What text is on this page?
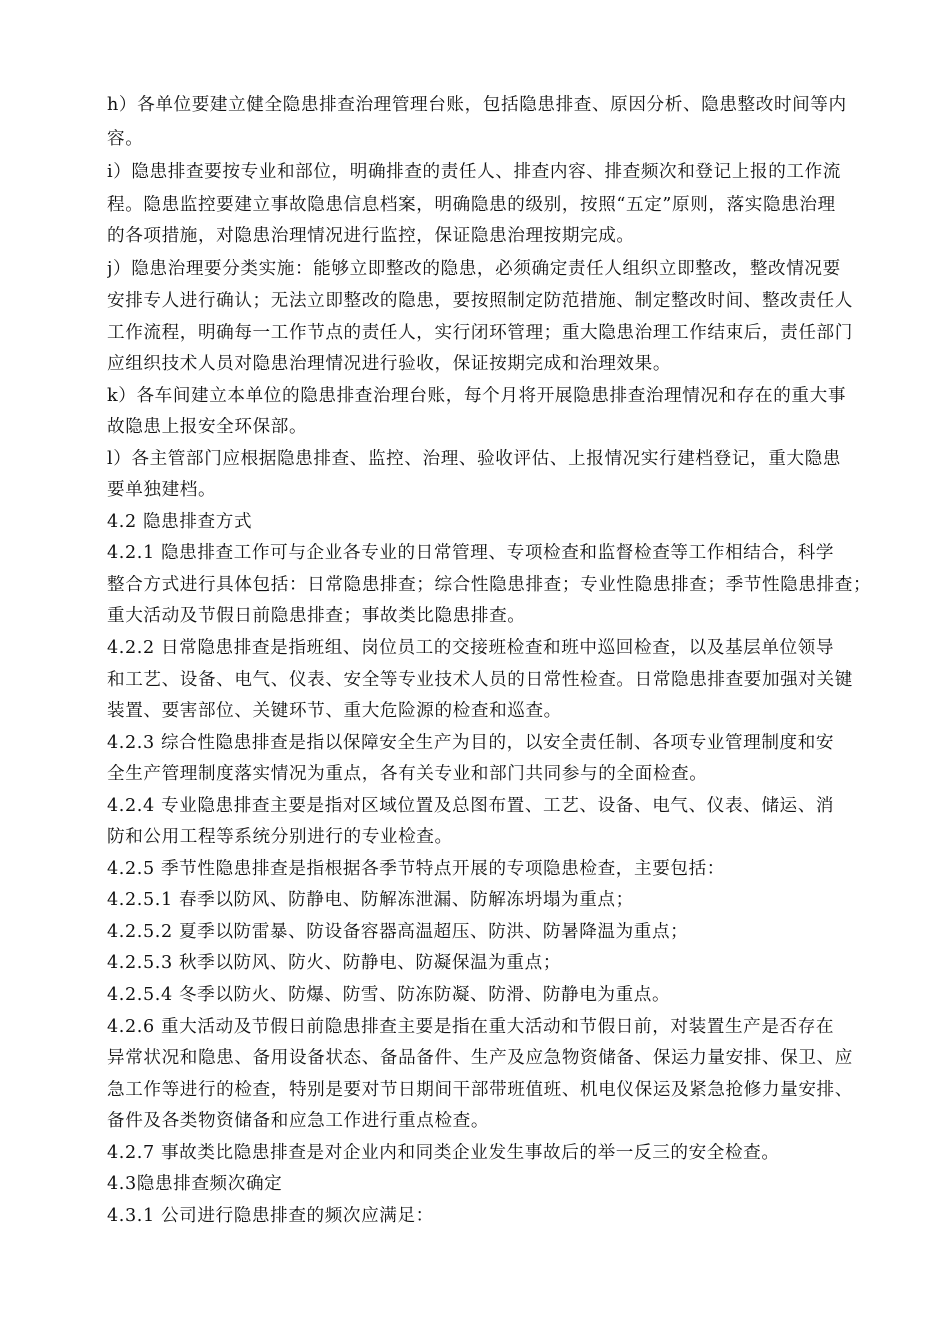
h）各单位要建立健全隐患排查治理管理台账，包括隐患排查、原因分析、隐患整改时间等内
容。
i）隐患排查要按专业和部位，明确排查的责任人、排查内容、排查频次和登记上报的工作流
程。隐患监控要建立事故隐患信息档案，明确隐患的级别，按照“五定”原则，落实隐患治理
的各项措施，对隐患治理情况进行监控，保证隐患治理按期完成。
j）隐患治理要分类实施：能够立即整改的隐患，必须确定责任人组织立即整改，整改情况要
安排专人进行确认；无法立即整改的隐患，要按照制定防范措施、制定整改时间、整改责任人
工作流程，明确每一工作节点的责任人，实行闭环管理；重大隐患治理工作结束后，责任部门
应组织技术人员对隐患治理情况进行验收，保证按期完成和治理效果。
k）各车间建立本单位的隐患排查治理台账，每个月将开展隐患排查治理情况和存在的重大事
故隐患上报安全环保部。
l）各主管部门应根据隐患排查、监控、治理、验收评估、上报情况实行建档登记，重大隐患
要单独建档。
4.2 隐患排查方式
4.2.1 隐患排查工作可与企业各专业的日常管理、专项检查和监督检查等工作相结合，科学
整合方式进行具体包括：日常隐患排查；综合性隐患排查；专业性隐患排查；季节性隐患排查；
重大活动及节假日前隐患排查；事故类比隐患排查。
4.2.2 日常隐患排查是指班组、岗位员工的交接班检查和班中巡回检查，以及基层单位领导
和工艺、设备、电气、仪表、安全等专业技术人员的日常性检查。日常隐患排查要加强对关键
装置、要害部位、关键环节、重大危险源的检查和巡查。
4.2.3 综合性隐患排查是指以保障安全生产为目的，以安全责任制、各项专业管理制度和安
全生产管理制度落实情况为重点，各有关专业和部门共同参与的全面检查。
4.2.4 专业隐患排查主要是指对区域位置及总图布置、工艺、设备、电气、仪表、储运、消
防和公用工程等系统分别进行的专业检查。
4.2.5 季节性隐患排查是指根据各季节特点开展的专项隐患检查，主要包括：
4.2.5.1 春季以防风、防静电、防解冻泄漏、防解冻坍塌为重点；
4.2.5.2 夏季以防雷暴、防设备容器高温超压、防洪、防暑降温为重点；
4.2.5.3 秋季以防风、防火、防静电、防凝保温为重点；
4.2.5.4 冬季以防火、防爆、防雪、防冻防凝、防滑、防静电为重点。
4.2.6 重大活动及节假日前隐患排查主要是指在重大活动和节假日前，对装置生产是否存在
异常状况和隐患、备用设备状态、备品备件、生产及应急物资储备、保运力量安排、保卫、应
急工作等进行的检查，特别是要对节日期间干部带班值班、机电仪保运及紧急抢修力量安排、
备件及各类物资储备和应急工作进行重点检查。
4.2.7 事故类比隐患排查是对企业内和同类企业发生事故后的举一反三的安全检查。
4.3隐患排查频次确定
4.3.1 公司进行隐患排查的频次应满足：
